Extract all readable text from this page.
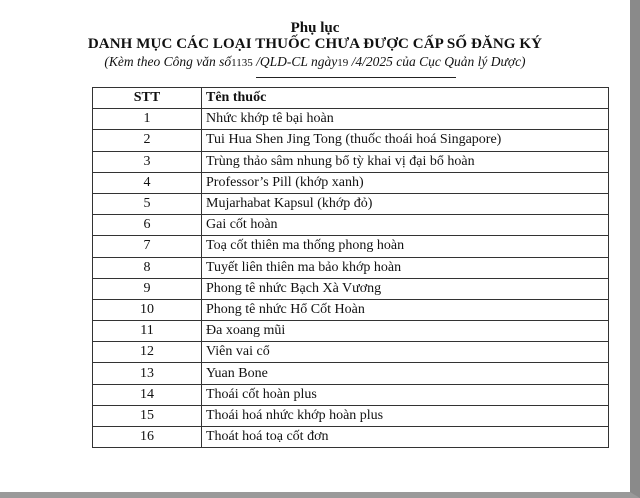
Phụ lục
DANH MỤC CÁC LOẠI THUỐC CHƯA ĐƯỢC CẤP SỐ ĐĂNG KÝ
(Kèm theo Công văn số1135 /QLD-CL ngày19 /4/2025 của Cục Quản lý Dược)
STT	Tên thuốc
1	Nhức khớp tê bại hoàn
2	Tui Hua Shen Jing Tong (thuốc thoái hoá Singapore)
3	Trùng thảo sâm nhung bổ tỳ khai vị đại bổ hoàn
4	Professor’s Pill (khớp xanh)
5	Mujarhabat Kapsul (khớp đỏ)
6	Gai cốt hoàn
7	Toạ cốt thiên ma thống phong hoàn
8	Tuyết liên thiên ma bảo khớp hoàn
9	Phong tê nhức Bạch Xà Vương
10	Phong tê nhức Hổ Cốt Hoàn
11	Đa xoang mũi
12	Viên vai cổ
13	Yuan Bone
14	Thoái cốt hoàn plus
15	Thoái hoá nhức khớp hoàn plus
16	Thoát hoá toạ cốt đơn
